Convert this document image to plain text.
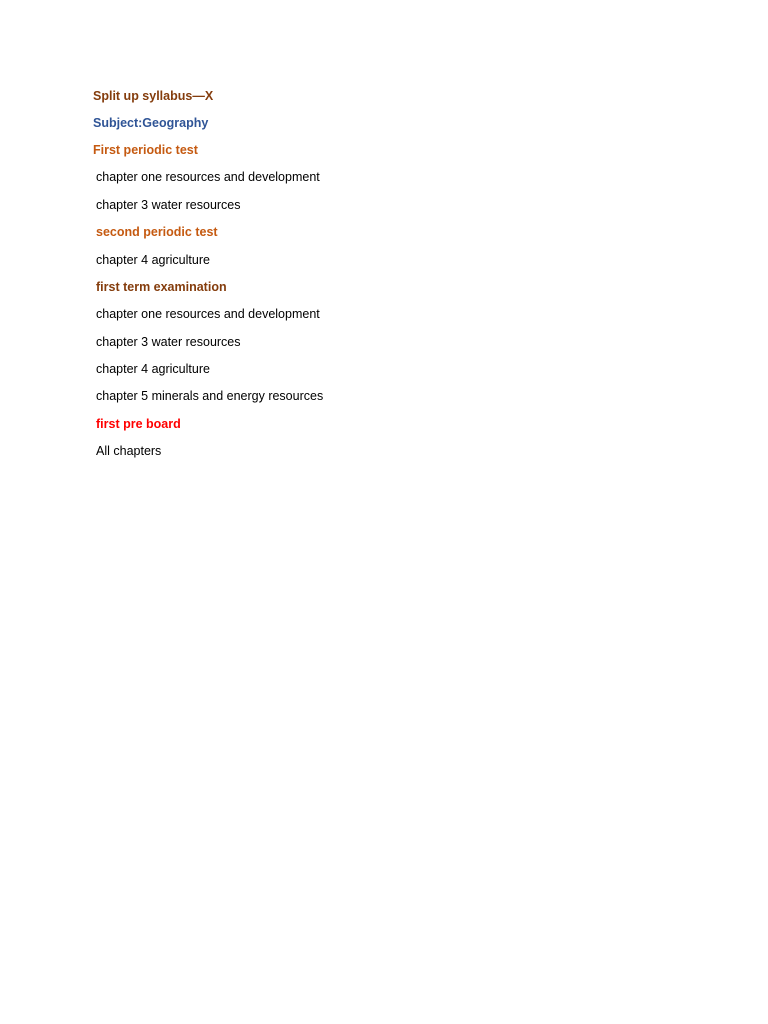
Split up syllabus—X
Subject:Geography
First periodic test
chapter one resources and development
chapter 3 water resources
second periodic test
chapter 4 agriculture
first term examination
chapter one resources and development
chapter 3 water resources
chapter 4 agriculture
chapter 5 minerals and energy resources
first pre board
All chapters
